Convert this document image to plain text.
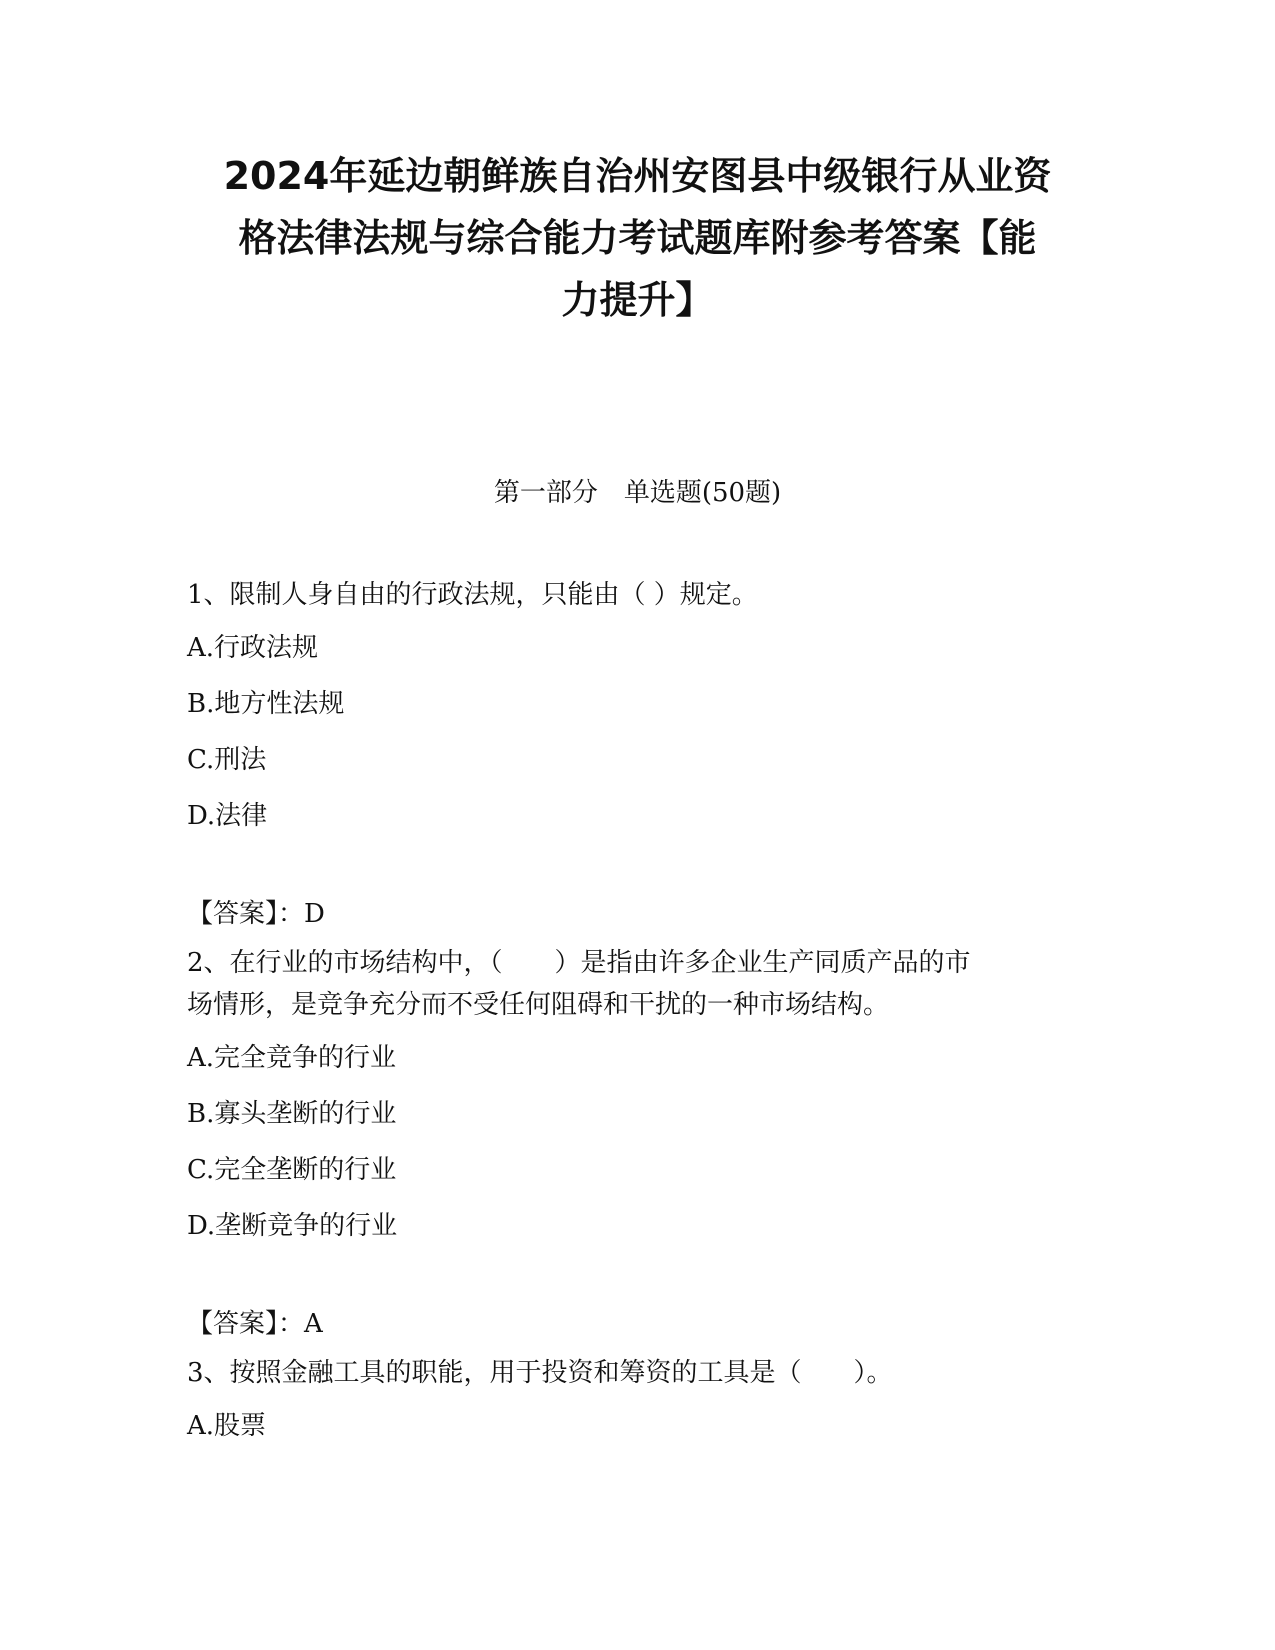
2024年延边朝鲜族自治州安图县中级银行从业资
格法律法规与综合能力考试题库附参考答案【能
力提升】
第一部分　单选题(50题)

1、限制人身自由的行政法规，只能由（ ）规定。

A.行政法规
B.地方性法规
C.刑法
D.法律
【答案】：D

2、在行业的市场结构中，（　　）是指由许多企业生产同质产品的市
场情形，是竞争充分而不受任何阻碍和干扰的一种市场结构。

A.完全竞争的行业
B.寡头垄断的行业
C.完全垄断的行业
D.垄断竞争的行业
【答案】：A

3、按照金融工具的职能，用于投资和筹资的工具是（　　）。

A.股票
